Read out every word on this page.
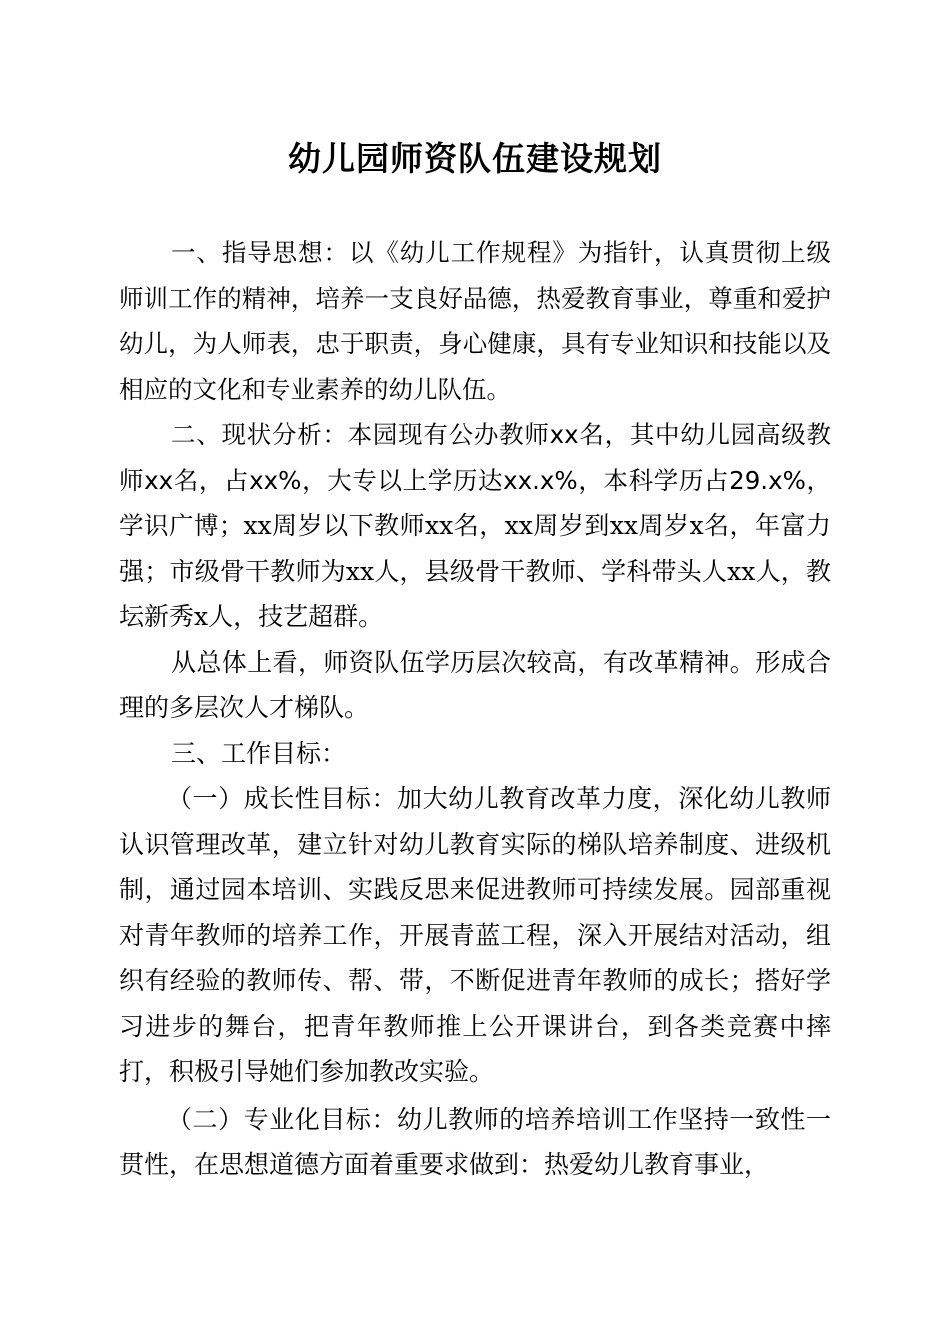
幼儿园师资队伍建设规划

一、指导思想：以《幼儿工作规程》为指针，认真贯彻上级师训工作的精神，培养一支良好品德，热爱教育事业，尊重和爱护幼儿，为人师表，忠于职责，身心健康，具有专业知识和技能以及相应的文化和专业素养的幼儿队伍。

二、现状分析：本园现有公办教师xx名，其中幼儿园高级教师xx名，占xx%，大专以上学历达xx.x%，本科学历占29.x%，学识广博；xx周岁以下教师xx名，xx周岁到xx周岁x名，年富力强；市级骨干教师为xx人，县级骨干教师、学科带头人xx人，教坛新秀x人，技艺超群。

从总体上看，师资队伍学历层次较高，有改革精神。形成合理的多层次人才梯队。

三、工作目标：

（一）成长性目标：加大幼儿教育改革力度，深化幼儿教师认识管理改革，建立针对幼儿教育实际的梯队培养制度、进级机制，通过园本培训、实践反思来促进教师可持续发展。园部重视对青年教师的培养工作，开展青蓝工程，深入开展结对活动，组织有经验的教师传、帮、带，不断促进青年教师的成长；搭好学习进步的舞台，把青年教师推上公开课讲台，到各类竞赛中摔打，积极引导她们参加教改实验。

（二）专业化目标：幼儿教师的培养培训工作坚持一致性一贯性，在思想道德方面着重要求做到：热爱幼儿教育事业，
